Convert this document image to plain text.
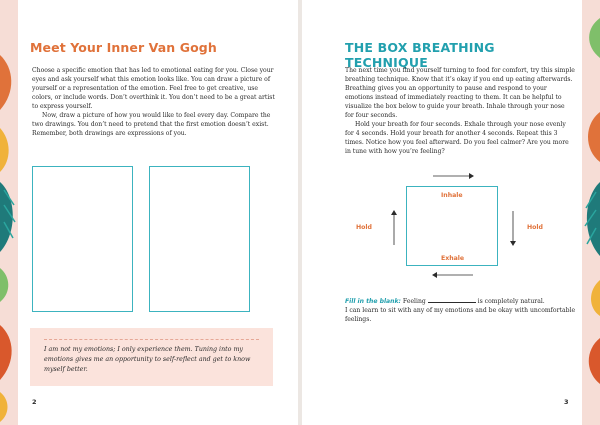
Meet Your Inner Van Gogh

Choose a specific emotion that has led to emotional eating for you. Close your eyes and ask yourself what this emotion looks like. You can draw a picture of yourself or a representation of the emotion. Feel free to get creative, use colors, or include words. Don’t overthink it. You don’t need to be a great artist to express yourself.

Now, draw a picture of how you would like to feel every day. Compare the two drawings. You don’t need to pretend that the first emotion doesn’t exist. Remember, both drawings are expressions of you.

I am not my emotions; I only experience them. Tuning into my emotions gives me an opportunity to self-reflect and get to know myself better.
2
THE BOX BREATHING TECHNIQUE

The next time you find yourself turning to food for comfort, try this simple breathing technique. Know that it’s okay if you end up eating afterwards. Breathing gives you an opportunity to pause and respond to your emotions instead of immediately reacting to them. It can be helpful to visualize the box below to guide your breath. Inhale through your nose for four seconds.

Hold your breath for four seconds. Exhale through your nose evenly for 4 seconds. Hold your breath for another 4 seconds. Repeat this 3 times. Notice how you feel afterward. Do you feel calmer? Are you more in tune with how you’re feeling?

Inhale
Exhale
Hold	Hold

Fill in the blank: Feeling	is completely natural.

I can learn to sit with any of my emotions and be okay with uncomfortable feelings.

3
